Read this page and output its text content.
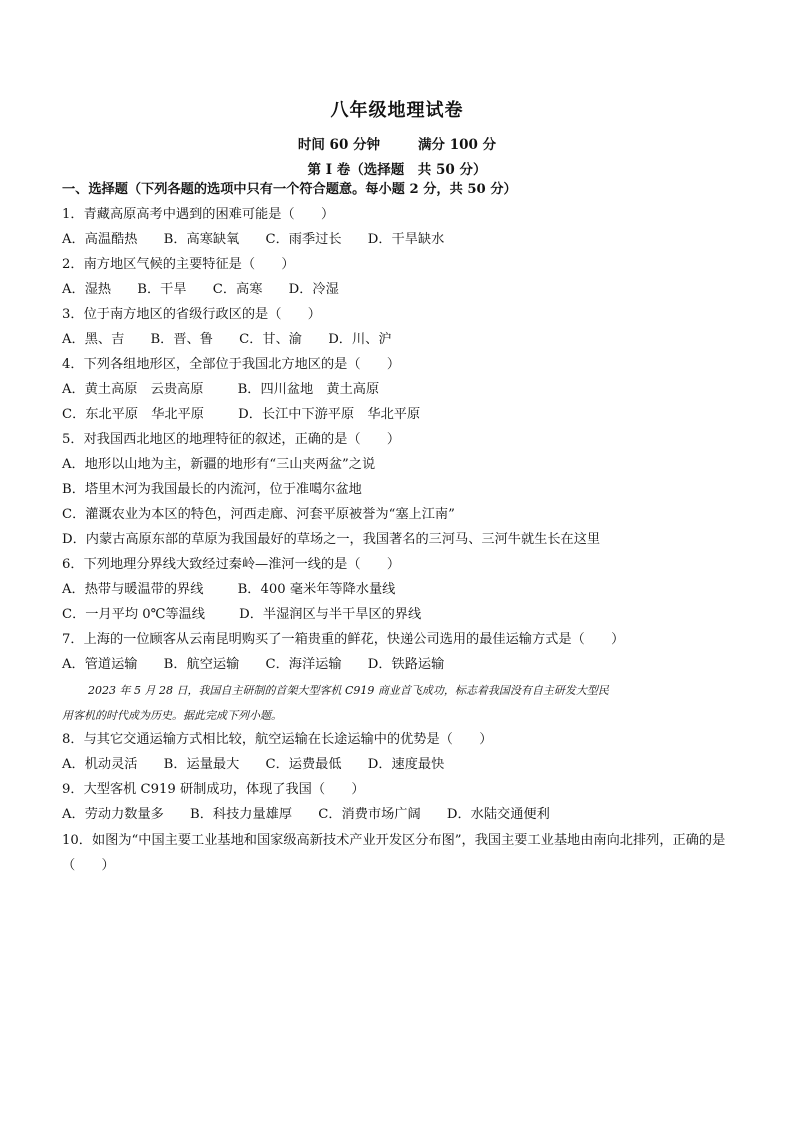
八年级地理试卷
时间 60 分钟	满分 100 分
第 I 卷（选择题　共 50 分）
一、选择题（下列各题的选项中只有一个符合题意。每小题 2 分，共 50 分）
1．青藏高原高考中遇到的困难可能是（　　）
A．高温酷热 B．高寒缺氧 C．雨季过长 D．干旱缺水
2．南方地区气候的主要特征是（　　）
A．湿热 B．干旱 C．高寒 D．冷湿
3．位于南方地区的省级行政区的是（　　）
A．黑、吉 B．晋、鲁 C．甘、渝 D．川、沪
4．下列各组地形区，全部位于我国北方地区的是（　　）
A．黄土高原　云贵高原	B．四川盆地　黄土高原
C．东北平原　华北平原	D．长江中下游平原　华北平原
5．对我国西北地区的地理特征的叙述，正确的是（　　）
A．地形以山地为主，新疆的地形有“三山夹两盆”之说
B．塔里木河为我国最长的内流河，位于准噶尔盆地
C．灌溉农业为本区的特色，河西走廊、河套平原被誉为“塞上江南”
D．内蒙古高原东部的草原为我国最好的草场之一，我国著名的三河马、三河牛就生长在这里
6．下列地理分界线大致经过秦岭—淮河一线的是（　　）
A．热带与暖温带的界线	B．400 毫米年等降水量线
C．一月平均 0℃等温线	D．半湿润区与半干旱区的界线
7．上海的一位顾客从云南昆明购买了一箱贵重的鲜花，快递公司选用的最佳运输方式是（　　）
A．管道运输 B．航空运输 C．海洋运输 D．铁路运输
2023 年 5 月 28 日，我国自主研制的首架大型客机 C919 商业首飞成功，标志着我国没有自主研发大型民
用客机的时代成为历史。据此完成下列小题。
8．与其它交通运输方式相比较，航空运输在长途运输中的优势是（　　）
A．机动灵活 B．运量最大 C．运费最低 D．速度最快
9．大型客机 C919 研制成功，体现了我国（　　）
A．劳动力数量多 B．科技力量雄厚 C．消费市场广阔 D．水陆交通便利
10．如图为“中国主要工业基地和国家级高新技术产业开发区分布图”，我国主要工业基地由南向北排列，正确的是（　　）
